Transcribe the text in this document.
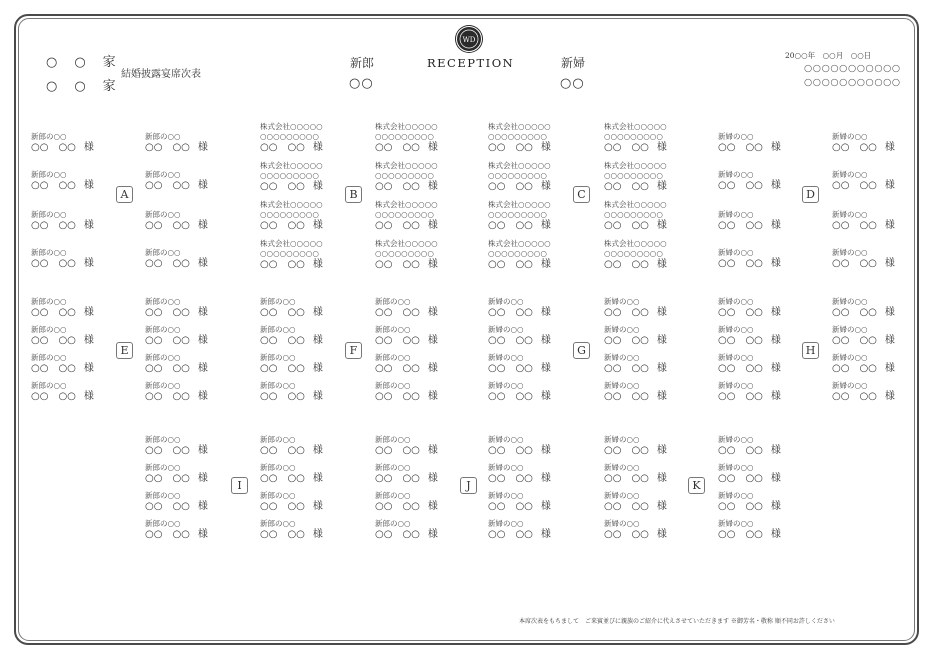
○　○　家
○　○　家
結婚披露宴席次表
新郎
○○
WD
RECEPTION	新婦
○○
20○○年　○○月　○○日
○○○○○○○○○○○
○○○○○○○○○○○
A
新郎の○○
○○　○○ 様
新郎の○○
○○　○○ 様
新郎の○○
○○　○○ 様
新郎の○○
○○　○○ 様
新郎の○○
○○　○○ 様
新郎の○○
○○　○○ 様
新郎の○○
○○　○○ 様
新郎の○○
○○　○○ 様
B
株式会社○○○○○
○○○○○○○○○
○○　○○ 様
株式会社○○○○○
○○○○○○○○○
○○　○○ 様
株式会社○○○○○
○○○○○○○○○
○○　○○ 様
株式会社○○○○○
○○○○○○○○○
○○　○○ 様
株式会社○○○○○
○○○○○○○○○
○○　○○ 様
株式会社○○○○○
○○○○○○○○○
○○　○○ 様
株式会社○○○○○
○○○○○○○○○
○○　○○ 様
株式会社○○○○○
○○○○○○○○○
○○　○○ 様
C
株式会社○○○○○
○○○○○○○○○
○○　○○ 様
株式会社○○○○○
○○○○○○○○○
○○　○○ 様
株式会社○○○○○
○○○○○○○○○
○○　○○ 様
株式会社○○○○○
○○○○○○○○○
○○　○○ 様
株式会社○○○○○
○○○○○○○○○
○○　○○ 様
株式会社○○○○○
○○○○○○○○○
○○　○○ 様
株式会社○○○○○
○○○○○○○○○
○○　○○ 様
株式会社○○○○○
○○○○○○○○○
○○　○○ 様
D
新婦の○○
○○　○○ 様
新婦の○○
○○　○○ 様
新婦の○○
○○　○○ 様
新婦の○○
○○　○○ 様
新婦の○○
○○　○○ 様
新婦の○○
○○　○○ 様
新婦の○○
○○　○○ 様
新婦の○○
○○　○○ 様
E
新郎の○○
○○　○○ 様
新郎の○○
○○　○○ 様
新郎の○○
○○　○○ 様
新郎の○○
○○　○○ 様
新郎の○○
○○　○○ 様
新郎の○○
○○　○○ 様
新郎の○○
○○　○○ 様
新郎の○○
○○　○○ 様
F
新郎の○○
○○　○○ 様
新郎の○○
○○　○○ 様
新郎の○○
○○　○○ 様
新郎の○○
○○　○○ 様
新郎の○○
○○　○○ 様
新郎の○○
○○　○○ 様
新郎の○○
○○　○○ 様
新郎の○○
○○　○○ 様
G
新婦の○○
○○　○○ 様
新婦の○○
○○　○○ 様
新婦の○○
○○　○○ 様
新婦の○○
○○　○○ 様
新婦の○○
○○　○○ 様
新婦の○○
○○　○○ 様
新婦の○○
○○　○○ 様
新婦の○○
○○　○○ 様
H
新婦の○○
○○　○○ 様
新婦の○○
○○　○○ 様
新婦の○○
○○　○○ 様
新婦の○○
○○　○○ 様
新婦の○○
○○　○○ 様
新婦の○○
○○　○○ 様
新婦の○○
○○　○○ 様
新婦の○○
○○　○○ 様
I
新郎の○○
○○　○○ 様
新郎の○○
○○　○○ 様
新郎の○○
○○　○○ 様
新郎の○○
○○　○○ 様
新郎の○○
○○　○○ 様
新郎の○○
○○　○○ 様
新郎の○○
○○　○○ 様
新郎の○○
○○　○○ 様
J
新郎の○○
○○　○○ 様
新郎の○○
○○　○○ 様
新郎の○○
○○　○○ 様
新郎の○○
○○　○○ 様
新婦の○○
○○　○○ 様
新婦の○○
○○　○○ 様
新婦の○○
○○　○○ 様
新婦の○○
○○　○○ 様
K
新婦の○○
○○　○○ 様
新婦の○○
○○　○○ 様
新婦の○○
○○　○○ 様
新婦の○○
○○　○○ 様
新婦の○○
○○　○○ 様
新婦の○○
○○　○○ 様
新婦の○○
○○　○○ 様
新婦の○○
○○　○○ 様
本席次表をもちまして　ご来賓並びに親族のご紹介に代えさせていただきます ※御芳名・敬称 順不同お許しください
